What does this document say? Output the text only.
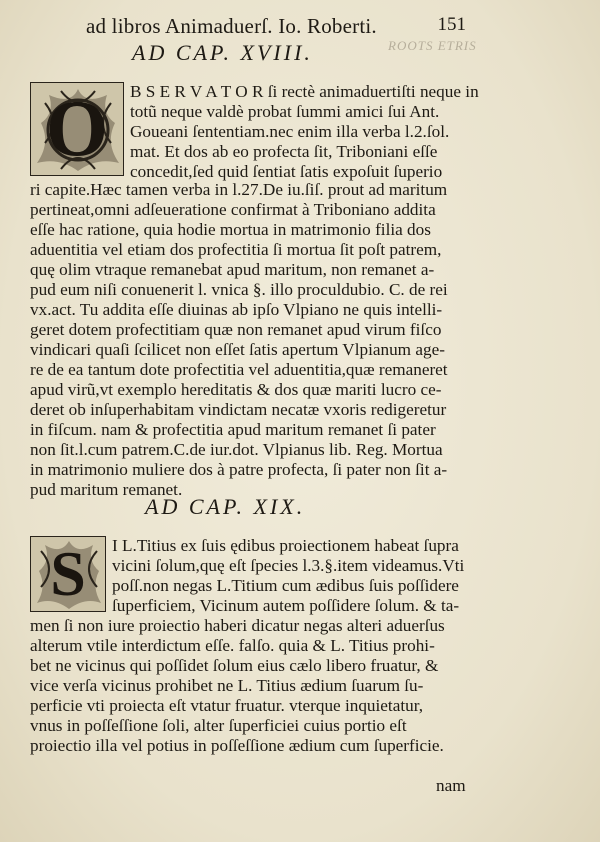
ad libros Animaduerſ. Io. Roberti.	151
ROOTS ETRIS
AD CAP. XVIII.
O	B S E R V A T O R ſi rectè animaduertiſti neque in
totũ neque valdè probat ſummi amici ſui Ant.
Goueani ſententiam.nec enim illa verba l.2.ſol.
mat. Et dos ab eo profecta ſit, Triboniani eſſe
concedit,ſed quid ſentiat ſatis expoſuit ſuperio
ri capite.Hæc tamen verba in l.27.De iu.ſiſ. prout ad maritum
pertineat,omni adſeueratione confirmat à Triboniano addita
eſſe hac ratione, quia hodie mortua in matrimonio filia dos
aduentitia vel etiam dos profectitia ſi mortua ſit poſt patrem,
quę olim vtraque remanebat apud maritum, non remanet a-
pud eum niſi conuenerit l. vnica §. illo proculdubio. C. de rei
vx.act. Tu addita eſſe diuinas ab ipſo Vlpiano ne quis intelli-
geret dotem profectitiam quæ non remanet apud virum fiſco
vindicari quaſi ſcilicet non eſſet ſatis apertum Vlpianum age-
re de ea tantum dote profectitia vel aduentitia,quæ remaneret
apud virũ,vt exemplo hereditatis & dos quæ mariti lucro ce-
deret ob inſuperhabitam vindictam necatæ vxoris redigeretur
in fiſcum. nam & profectitia apud maritum remanet ſi pater
non ſit.l.cum patrem.C.de iur.dot. Vlpianus lib. Reg. Mortua
in matrimonio muliere dos à patre profecta, ſi pater non ſit a-
pud maritum remanet.
AD CAP. XIX.
S	I L.Titius ex ſuis ędibus proiectionem habeat ſupra
vicini ſolum,quę eſt ſpecies l.3.§.item videamus.Vti
poſſ.non negas L.Titium cum ædibus ſuis poſſidere
ſuperficiem, Vicinum autem poſſidere ſolum. & ta-
men ſi non iure proiectio haberi dicatur negas alteri aduerſus
alterum vtile interdictum eſſe. falſo. quia & L. Titius prohi-
bet ne vicinus qui poſſidet ſolum eius cælo libero fruatur, &
vice verſa vicinus prohibet ne L. Titius ædium ſuarum ſu-
perficie vti proiecta eſt vtatur fruatur. vterque inquietatur,
vnus in poſſeſſione ſoli, alter ſuperficiei cuius portio eſt
proiectio illa vel potius in poſſeſſione ædium cum ſuperficie.
nam
